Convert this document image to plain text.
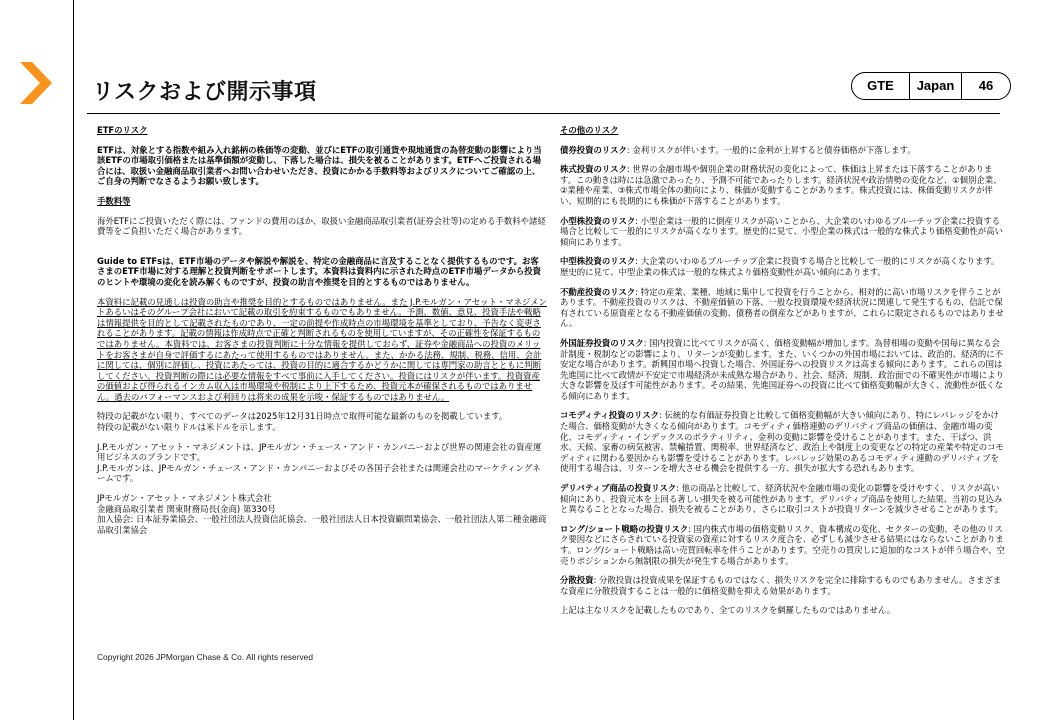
リスクおよび開示事項	GTE	Japan	46
ETFのリスク
ETFは、対象とする指数や組み入れ銘柄の株価等の変動、並びにETFの取引通貨や現地通貨の為替変動の影響により当該ETFの市場取引価格または基準価額が変動し、下落した場合は、損失を被ることがあります。ETFへご投資される場合には、取扱い金融商品取引業者へお問い合わせいただき、投資にかかる手数料等およびリスクについてご確認の上、ご自身の判断でなさるようお願い致します。
手数料等
海外ETFにご投資いただく際には、ファンドの費用のほか、取扱い金融商品取引業者(証券会社等)の定める手数料や諸経費等をご負担いただく場合があります。
Guide to ETFsは、ETF市場のデータや解説や解説を、特定の金融商品に言及することなく提供するものです。お客さまのETF市場に対する理解と投資判断をサポートします。本資料は資料内に示された時点のETF市場データから投資のヒントや環境の変化を読み解くものですが、投資の助言や推奨を目的とするものではありません。
本資料に記載の見通しは投資の助言や推奨を目的とするものではありません。また J.P.モルガン・アセット・マネジメントあるいはそのグループ会社において記載の取引を約束するものでもありません。予測、数値、意見、投資手法や戦略は情報提供を目的として記載されたものであり、一定の前提や作成時点の市場環境を基準としており、予告なく変更されることがあります。記載の情報は作成時点で正確と判断されるものを使用していますが、その正確性を保証するものではありません。本資料では、お客さまの投資判断に十分な情報を提供しておらず、証券や金融商品への投資のメリットをお客さまが自身で評価するにあたって使用するものではありません。また、かかる法務、規制、税務、信用、会計に関しては、個別に評価し、投資にあたっては、投資の目的に適合するかどうかに関しては専門家の助言とともに判断してください。投資判断の際には必要な情報をすべて事前に入手してください。投資にはリスクが伴います。投資資産の価値および得られるインカム収入は市場環境や税制により上下するため、投資元本が確保されるものではありません。過去のパフォーマンスおよび利回りは将来の成果を示唆・保証するものではありません。
特段の記載がない限り、すべてのデータは2025年12月31日時点で取得可能な最新のものを掲載しています。
特段の記載がない限りドルは米ドルを示します。
J.P.モルガン・アセット・マネジメントは、JPモルガン・チェース・アンド・カンパニーおよび世界の関連会社の資産運用ビジネスのブランドです。
J.P.モルガンは、JPモルガン・チェース・アンド・カンパニーおよびその各国子会社または関連会社のマーケティングネームです。
JPモルガン・アセット・マネジメント株式会社
金融商品取引業者 関東財務局長(金商) 第330号
加入協会: 日本証券業協会、一般社団法人投資信託協会、一般社団法人日本投資顧問業協会、一般社団法人第二種金融商品取引業協会
その他のリスク
債券投資のリスク: 金利リスクが伴います。一般的に金利が上昇すると債券価格が下落します。
株式投資のリスク: 世界の金融市場や個別企業の財務状況の変化によって、株価は上昇または下落することがあります。この動きは時には急激であったり、予測不可能であったりします。経済状況や政治情勢の変化など、①個別企業、②業種や産業、③株式市場全体の動向により、株価が変動することがあります。株式投資には、株価変動リスクが伴い、短期的にも長期的にも株価が下落することがあります。
小型株投資のリスク: 小型企業は一般的に倒産リスクが高いことから、大企業のいわゆるブルーチップ企業に投資する場合と比較して一般的にリスクが高くなります。歴史的に見て、小型企業の株式は一般的な株式より価格変動性が高い傾向にあります。
中型株投資のリスク: 大企業のいわゆるブルーチップ企業に投資する場合と比較して一般的にリスクが高くなります。歴史的に見て、中型企業の株式は一般的な株式より価格変動性が高い傾向にあります。
不動産投資のリスク: 特定の産業、業種、地域に集中して投資を行うことから、相対的に高い市場リスクを伴うことがあります。不動産投資のリスクは、不動産価値の下落、一般な投資環境や経済状況に関連して発生するもの、信託で保有されている原資産となる不動産価値の変動、債務者の倒産などがありますが、これらに限定されるものではありません。
外国証券投資のリスク: 国内投資に比べてリスクが高く、価格変動幅が増加します。為替相場の変動や国毎に異なる会計制度・税制などの影響により、リターンが変動します。また、いくつかの外国市場においては、政治的、経済的に不安定な場合があります。新興国市場へ投資した場合、外国証券への投資リスクは高まる傾向にあります。これらの国は先進国に比べて政情が不安定で市場経済が未成熟な場合があり、社会、経済、規制、政治面での不確実性が市場により大きな影響を及ぼす可能性があります。その結果、先進国証券への投資に比べて価格変動幅が大きく、流動性が低くなる傾向にあります。
コモディティ投資のリスク: 伝統的な有価証券投資と比較して価格変動幅が大きい傾向にあり、特にレバレッジをかけた場合、価格変動が大きくなる傾向があります。コモディティ価格連動のデリバティブ商品の価値は、金融市場の変化、コモディティ・インデックスのボラティリティ、金利の変動に影響を受けることがあります。また、干ばつ、洪水、天候、家畜の病気被害、禁輸措置、関税率、世界経済など、政治上や制度上の変更などの特定の産業や特定のコモディティに関わる要因からも影響を受けることがあります。レバレッジ効果のあるコモディティ連動のデリバティブを使用する場合は、リターンを増大させる機会を提供する一方、損失が拡大する恐れもあります。
デリバティブ商品の投資リスク: 他の商品と比較して、経済状況や金融市場の変化の影響を受けやすく、リスクが高い傾向にあり、投資元本を上回る著しい損失を被る可能性があります。デリバティブ商品を使用した結果、当初の見込みと異なることとなった場合、損失を被ることがあり、さらに取引コストが投資リターンを減少させることがあります。
ロング/ショート戦略の投資リスク: 国内株式市場の価格変動リスク、資本構成の変化、セクターの変動、その他のリスク要因などにさらされている投資家の資産に対するリスク度合を、必ずしも減少させる結果にはならないことがあります。ロング/ショート戦略は高い売買回転率を伴うことがあります。空売りの買戻しに追加的なコストが伴う場合や、空売りポジションから無制限の損失が発生する場合があります。
分散投資: 分散投資は投資成果を保証するものではなく、損失リスクを完全に排除するものでもありません。さまざまな資産に分散投資することは一般的に価格変動を抑える効果があります。
上記は主なリスクを記載したものであり、全てのリスクを網羅したものではありません。
Copyright 2026 JPMorgan Chase & Co. All rights reserved
